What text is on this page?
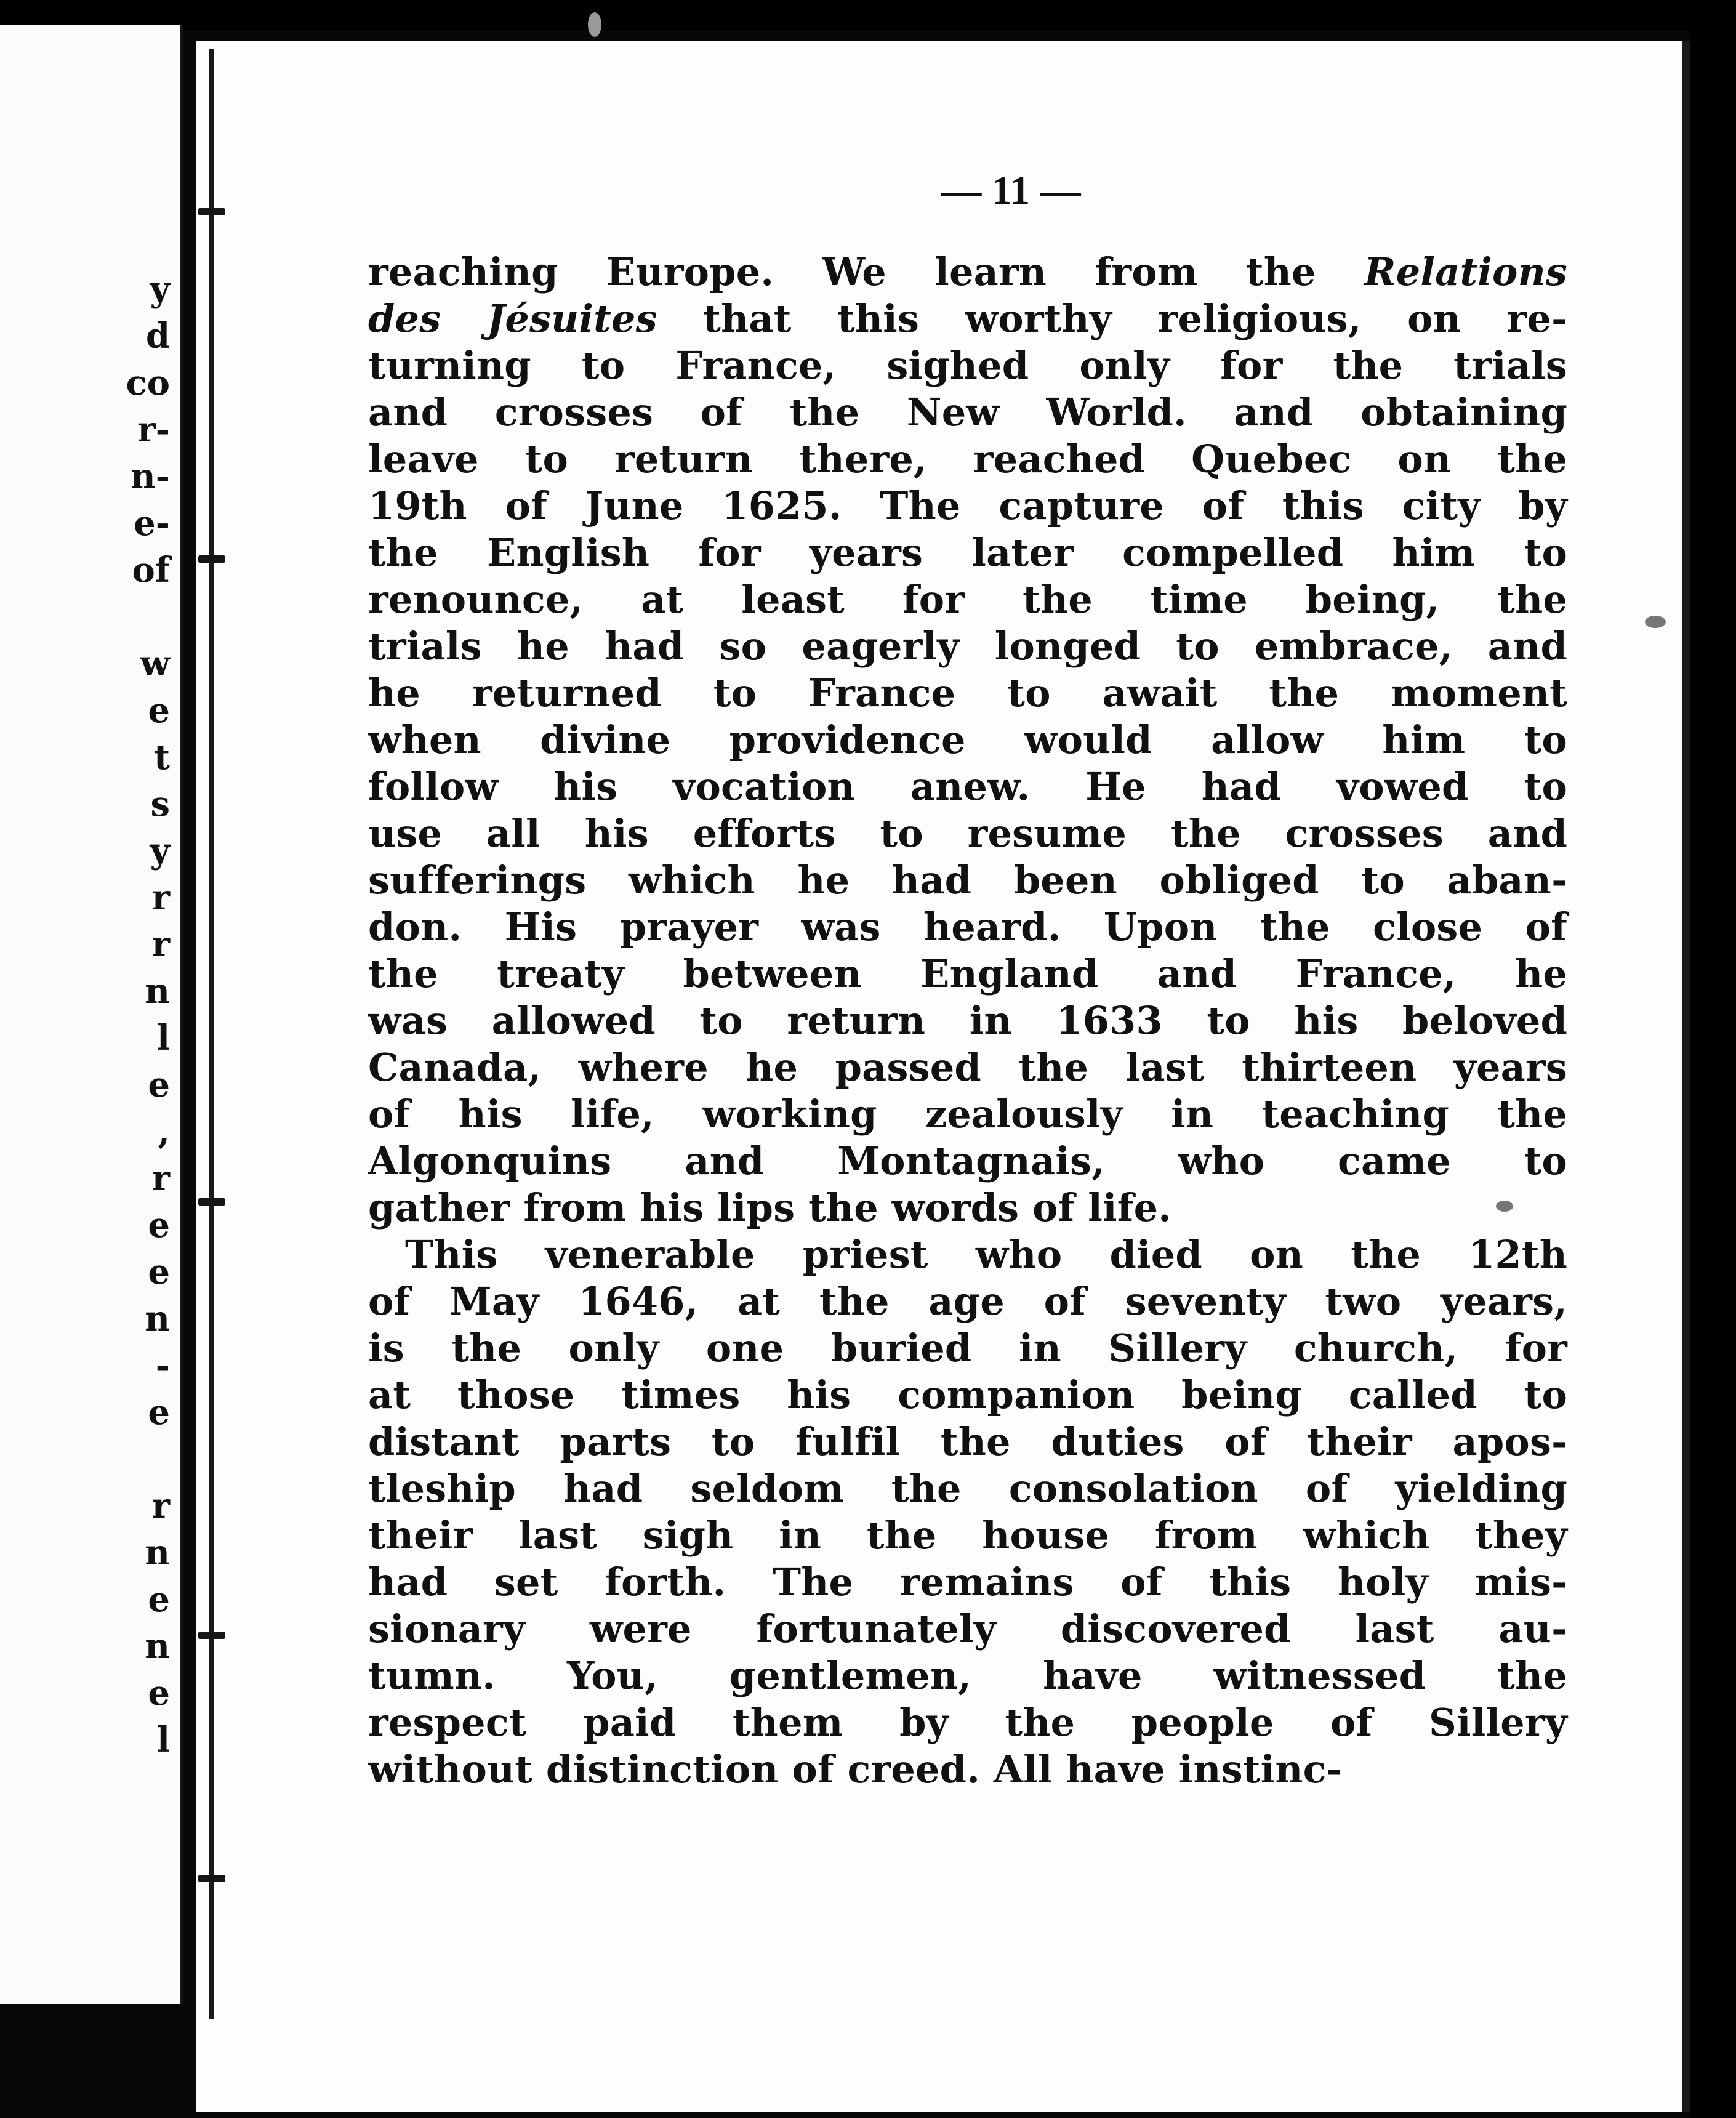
y
d
co
r-
n-
e-
of
w
e
t
s
y
r
r
n
l
e
,
r
e
e
n
-
e
r
n
e
n
e
l
— 11 —
reaching Europe. We learn from the Relations
des Jésuites that this worthy religious, on re-
turning to France, sighed only for the trials
and crosses of the New World. and obtaining
leave to return there, reached Quebec on the
19th of June 1625. The capture of this city by
the English for years later compelled him to
renounce, at least for the time being, the
trials he had so eagerly longed to embrace, and
he returned to France to await the moment
when divine providence would allow him to
follow his vocation anew. He had vowed to
use all his efforts to resume the crosses and
sufferings which he had been obliged to aban-
don. His prayer was heard. Upon the close of
the treaty between England and France, he
was allowed to return in 1633 to his beloved
Canada, where he passed the last thirteen years
of his life, working zealously in teaching the
Algonquins and Montagnais, who came to
gather from his lips the words of life.
This venerable priest who died on the 12th
of May 1646, at the age of seventy two years,
is the only one buried in Sillery church, for
at those times his companion being called to
distant parts to fulfil the duties of their apos-
tleship had seldom the consolation of yielding
their last sigh in the house from which they
had set forth. The remains of this holy mis-
sionary were fortunately discovered last au-
tumn. You, gentlemen, have witnessed the
respect paid them by the people of Sillery
without distinction of creed. All have instinc-
